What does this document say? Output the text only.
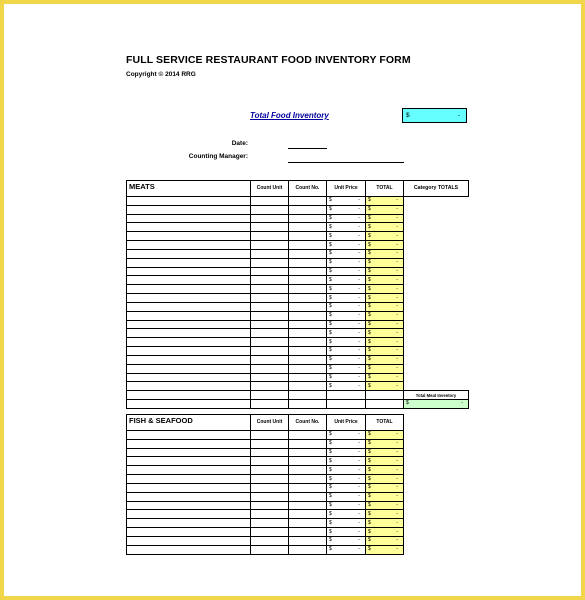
FULL SERVICE RESTAURANT FOOD INVENTORY FORM
Copyright © 2014 RRG
Total Food Inventory	$	-
Date:
Counting Manager:
MEATS	Count Unit	Count No.	Unit Price	TOTAL	Category TOTALS

			$ -	$ -	

			$ -	$ -	

			$ -	$ -	

			$ -	$ -	

			$ -	$ -	

			$ -	$ -	

			$ -	$ -	

			$ -	$ -	

			$ -	$ -	

			$ -	$ -	

			$ -	$ -	

			$ -	$ -	

			$ -	$ -	

			$ -	$ -	

			$ -	$ -	

			$ -	$ -	

			$ -	$ -	

			$ -	$ -	

			$ -	$ -	

			$ -	$ -	

			$ -	$ -	

			$ -	$ -	

					Total Meat Inventory

					$ -
FISH & SEAFOOD	Count Unit	Count No.	Unit Price	TOTAL

			$ -	$ -

			$ -	$ -

			$ -	$ -

			$ -	$ -

			$ -	$ -

			$ -	$ -

			$ -	$ -

			$ -	$ -

			$ -	$ -

			$ -	$ -

			$ -	$ -

			$ -	$ -

			$ -	$ -

			$ -	$ -
